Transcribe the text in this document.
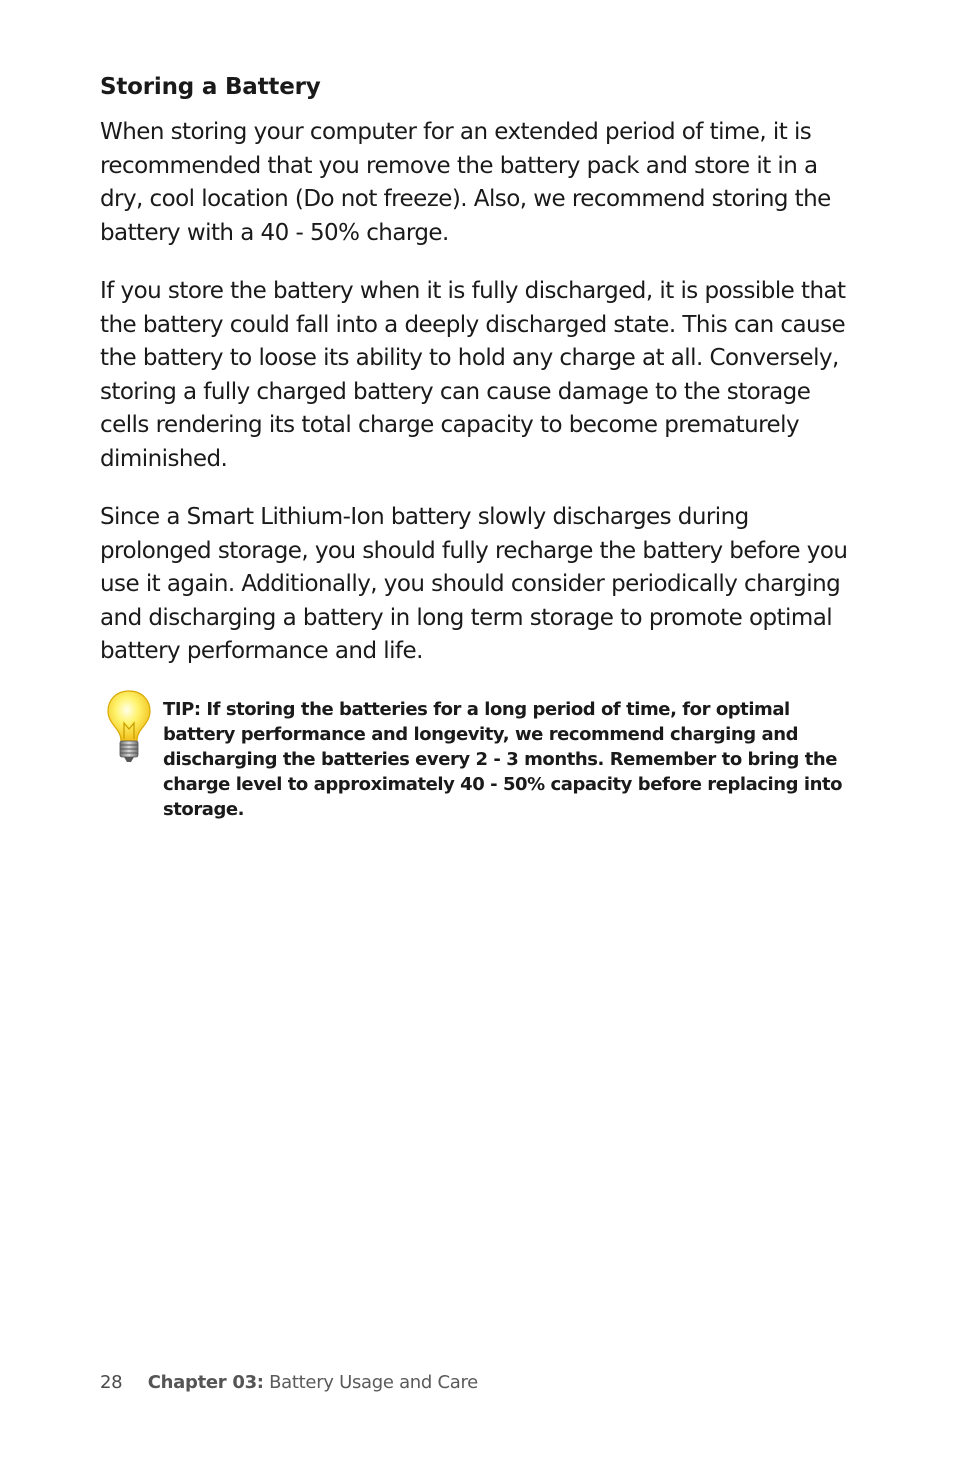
Storing a Battery

When storing your computer for an extended period of time, it is recommended that you remove the battery pack and store it in a dry, cool location (Do not freeze). Also, we recommend storing the battery with a 40 - 50% charge.

If you store the battery when it is fully discharged, it is possible that the battery could fall into a deeply discharged state. This can cause the battery to loose its ability to hold any charge at all. Conversely, storing a fully charged battery can cause damage to the storage cells rendering its total charge capacity to become prematurely diminished.

Since a Smart Lithium-Ion battery slowly discharges during prolonged storage, you should fully recharge the battery before you use it again. Additionally, you should consider periodically charging and discharging a battery in long term storage to promote optimal battery performance and life.

TIP: If storing the batteries for a long period of time, for optimal battery performance and longevity, we recommend charging and discharging the batteries every 2 - 3 months. Remember to bring the charge level to approximately 40 - 50% capacity before replacing into storage.
28 Chapter 03: Battery Usage and Care
